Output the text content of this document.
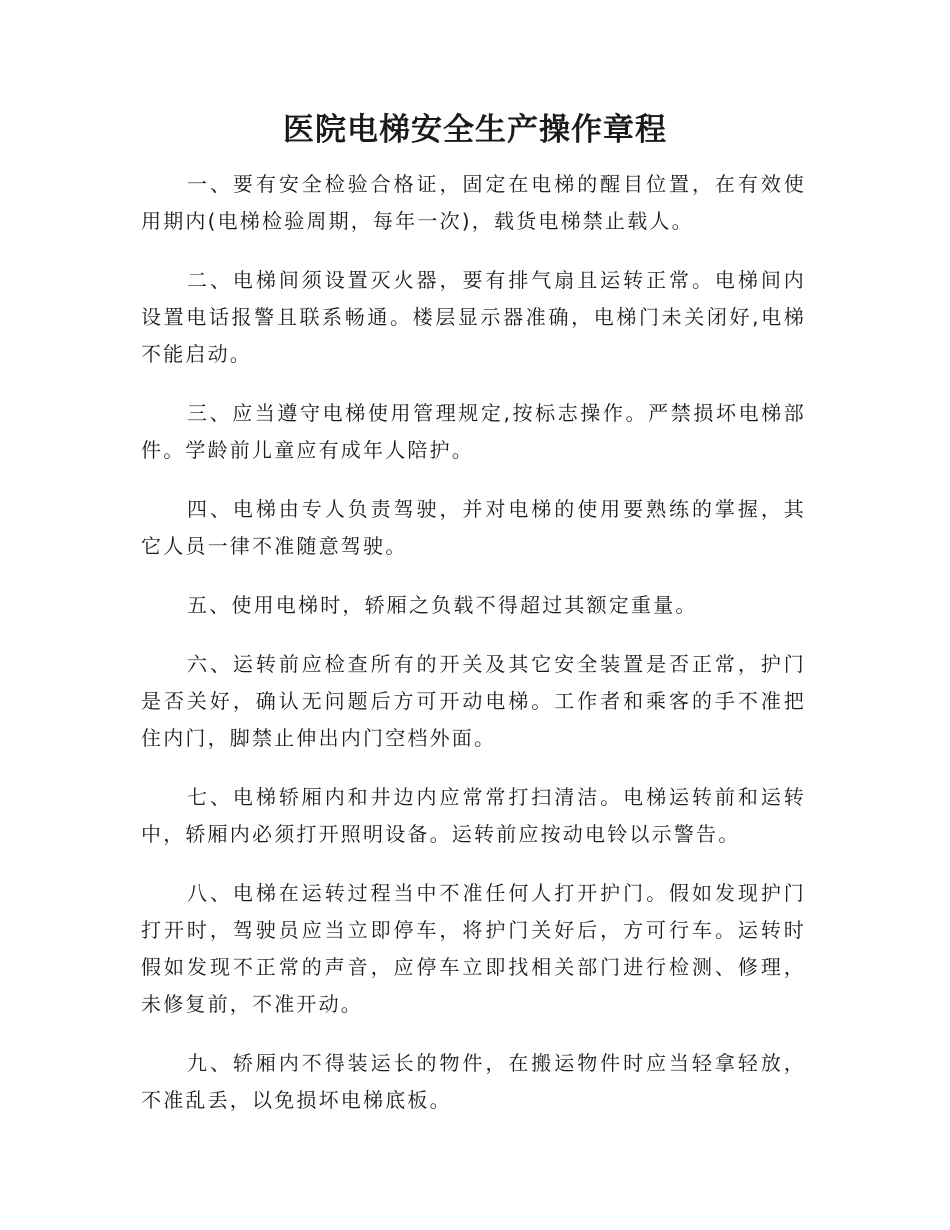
医院电梯安全生产操作章程

一、要有安全检验合格证，固定在电梯的醒目位置，在有效使用期内(电梯检验周期，每年一次)，载货电梯禁止载人。

二、电梯间须设置灭火器，要有排气扇且运转正常。电梯间内设置电话报警且联系畅通。楼层显示器准确，电梯门未关闭好,电梯不能启动。

三、应当遵守电梯使用管理规定,按标志操作。严禁损坏电梯部件。学龄前儿童应有成年人陪护。

四、电梯由专人负责驾驶，并对电梯的使用要熟练的掌握，其它人员一律不准随意驾驶。

五、使用电梯时，轿厢之负载不得超过其额定重量。

六、运转前应检查所有的开关及其它安全装置是否正常，护门是否关好，确认无问题后方可开动电梯。工作者和乘客的手不准把住内门，脚禁止伸出内门空档外面。

七、电梯轿厢内和井边内应常常打扫清洁。电梯运转前和运转中，轿厢内必须打开照明设备。运转前应按动电铃以示警告。

八、电梯在运转过程当中不准任何人打开护门。假如发现护门打开时，驾驶员应当立即停车，将护门关好后，方可行车。运转时假如发现不正常的声音，应停车立即找相关部门进行检测、修理，未修复前，不准开动。

九、轿厢内不得装运长的物件，在搬运物件时应当轻拿轻放，不准乱丢，以免损坏电梯底板。
